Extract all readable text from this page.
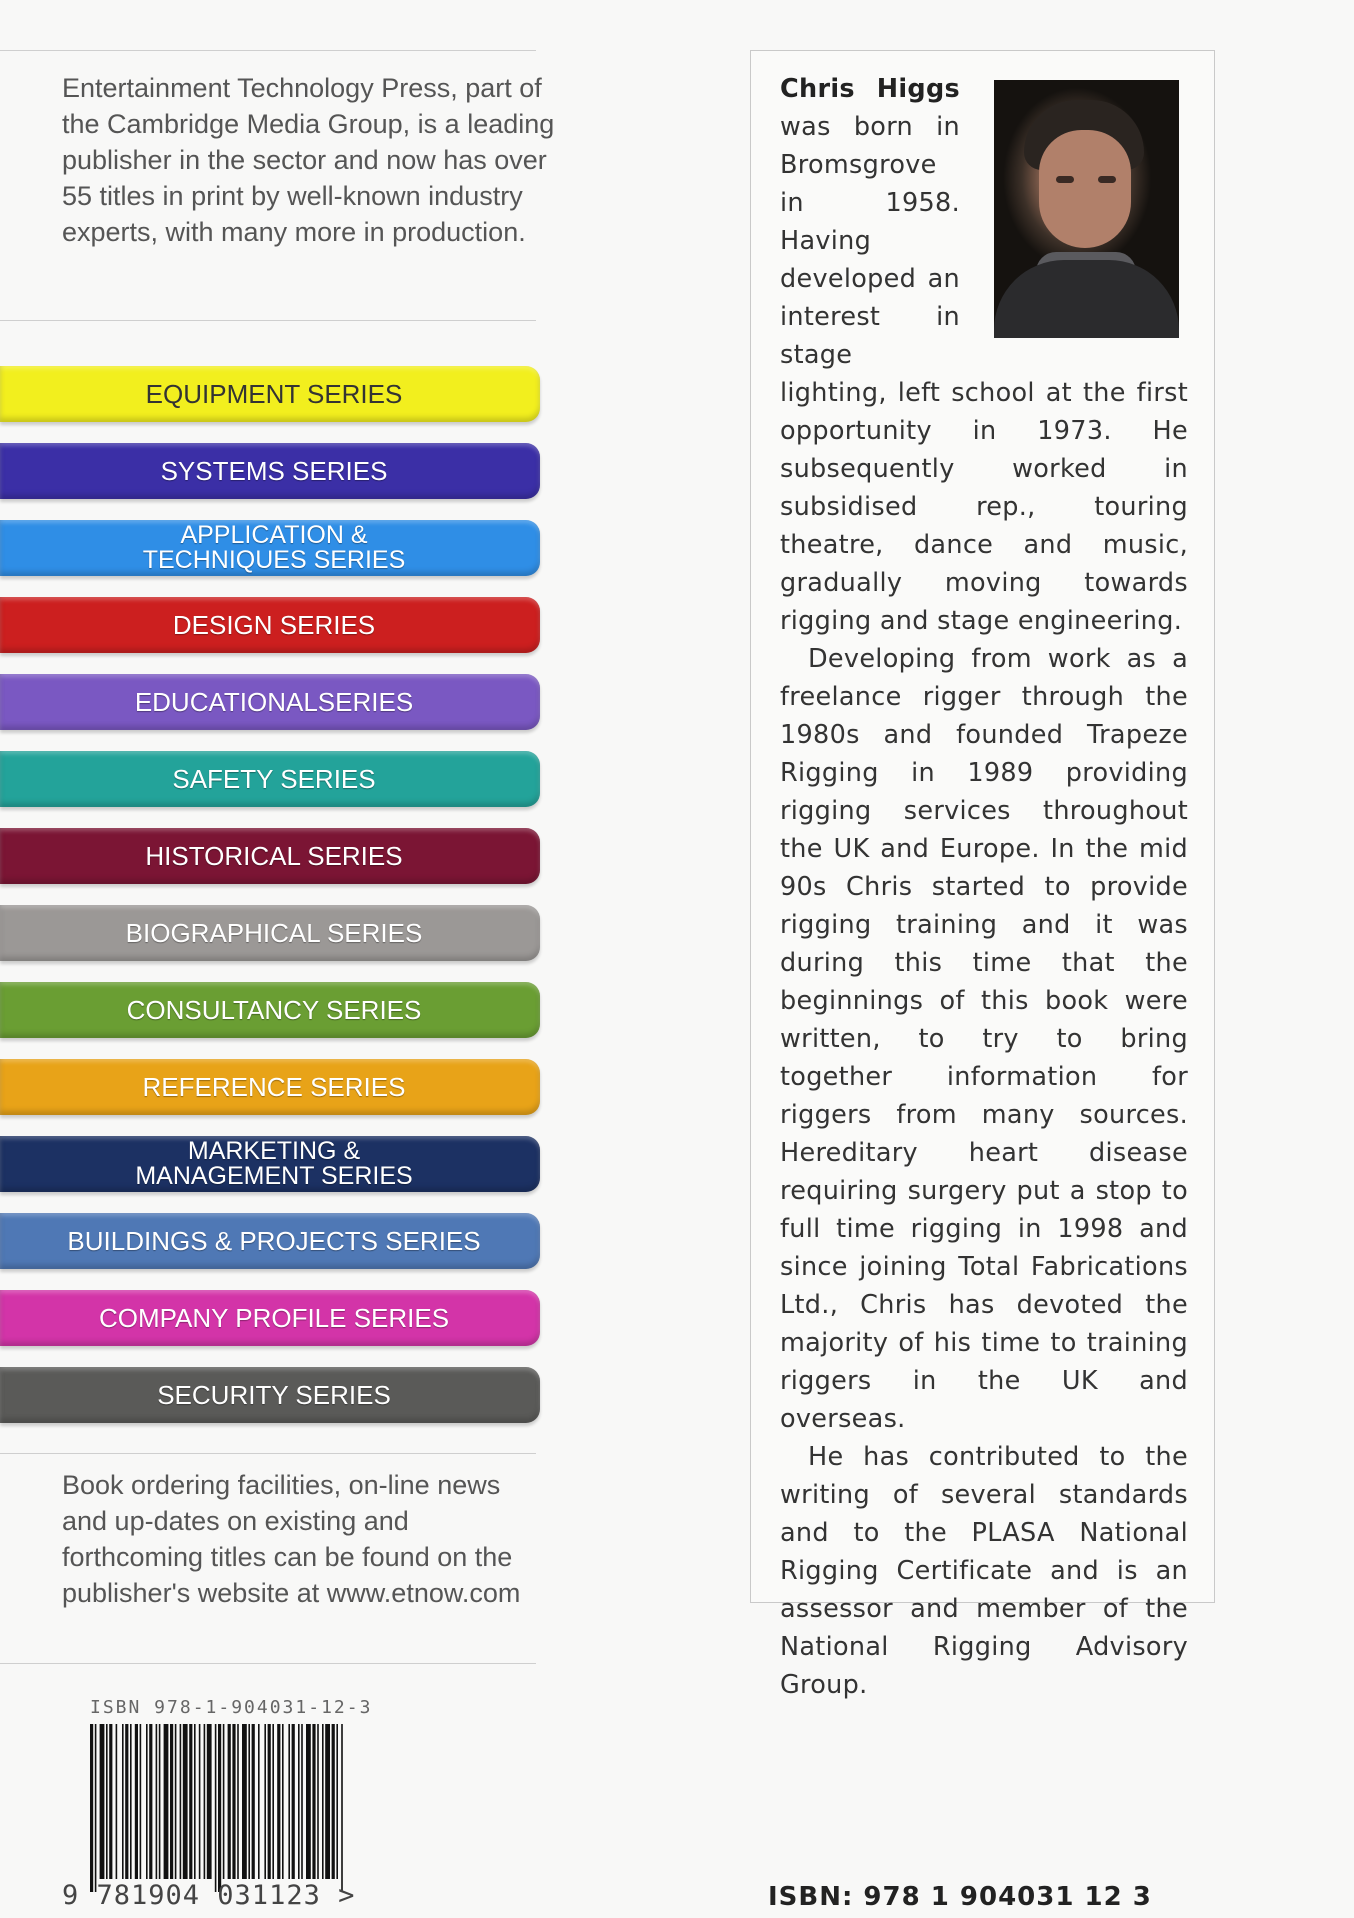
Entertainment Technology Press, part of the Cambridge Media Group, is a leading publisher in the sector and now has over 55 titles in print by well-known industry experts, with many more in production.
EQUIPMENT SERIES
SYSTEMS SERIES
APPLICATION &
TECHNIQUES SERIES
DESIGN SERIES
EDUCATIONALSERIES
SAFETY SERIES
HISTORICAL SERIES
BIOGRAPHICAL SERIES
CONSULTANCY SERIES
REFERENCE SERIES
MARKETING &
MANAGEMENT SERIES
BUILDINGS & PROJECTS SERIES
COMPANY PROFILE SERIES
SECURITY SERIES
Book ordering facilities, on-line news and up-dates on existing and forthcoming titles can be found on the publisher's website at www.etnow.com

Chris Higgs was born in Bromsgrove in 1958. Having developed an interest in stage lighting, left school at the first opportunity in 1973. He subsequently worked in subsidised rep., touring theatre, dance and music, gradually moving towards rigging and stage engineering.

Developing from work as a freelance rigger through the 1980s and founded Trapeze Rigging in 1989 providing rigging services throughout the UK and Europe. In the mid 90s Chris started to provide rigging training and it was during this time that the beginnings of this book were written, to try to bring together information for riggers from many sources. Hereditary heart disease requiring surgery put a stop to full time rigging in 1998 and since joining Total Fabrications Ltd., Chris has devoted the majority of his time to training riggers in the UK and overseas.

He has contributed to the writing of several standards and to the PLASA National Rigging Certificate and is an assessor and member of the National Rigging Advisory Group.

ISBN 978-1-904031-12-3
9 781904 031123 >	ISBN: 978 1 904031 12 3
